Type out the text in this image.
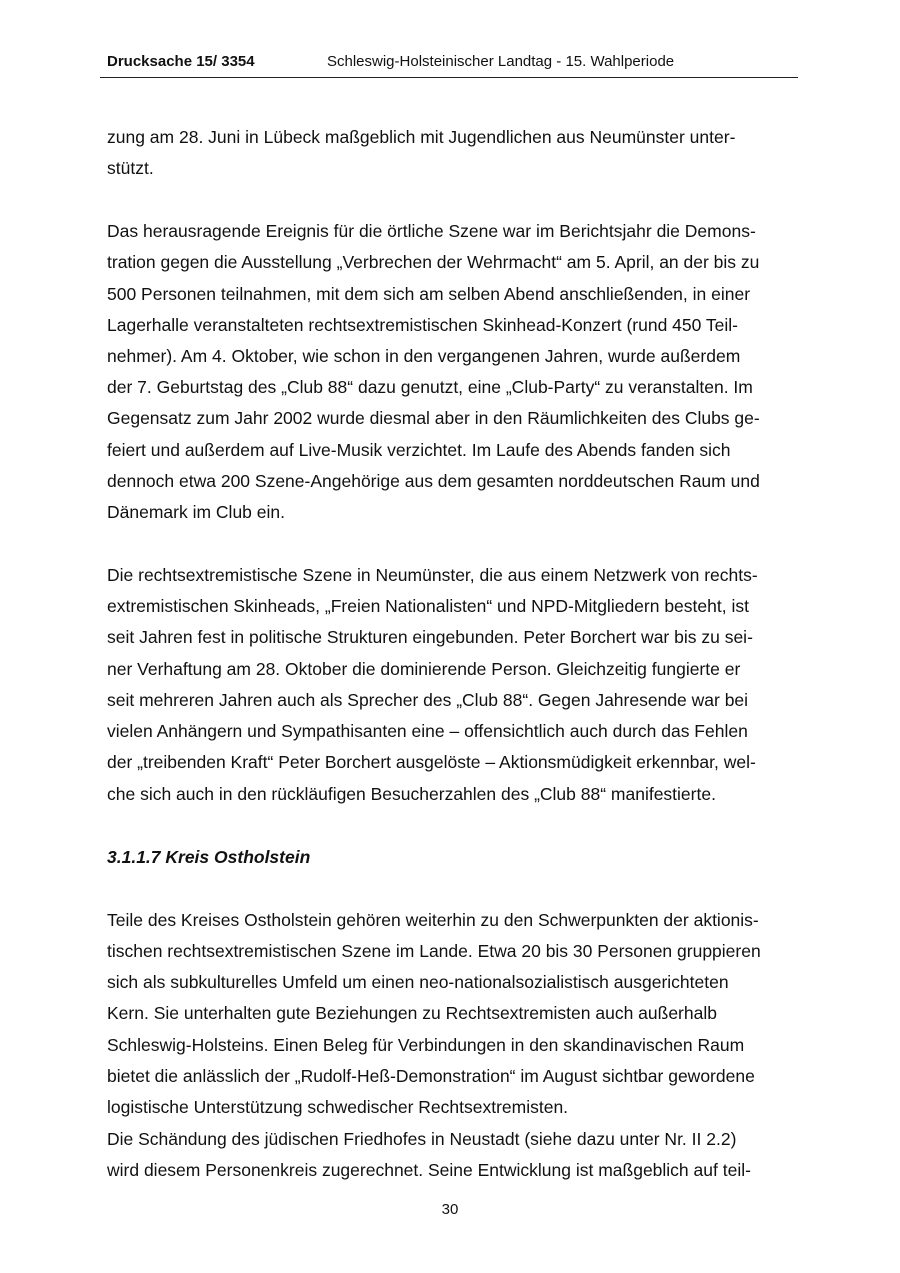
Drucksache 15/ 3354	Schleswig-Holsteinischer Landtag - 15. Wahlperiode
zung am 28. Juni in Lübeck maßgeblich mit Jugendlichen aus Neumünster unter-
stützt.
Das herausragende Ereignis für die örtliche Szene war im Berichtsjahr die Demons-
tration gegen die Ausstellung „Verbrechen der Wehrmacht“ am 5. April, an der bis zu
500 Personen teilnahmen, mit dem sich am selben Abend anschließenden, in einer
Lagerhalle veranstalteten rechtsextremistischen Skinhead-Konzert (rund 450 Teil-
nehmer). Am 4. Oktober, wie schon in den vergangenen Jahren, wurde außerdem
der 7. Geburtstag des „Club 88“ dazu genutzt, eine „Club-Party“ zu veranstalten. Im
Gegensatz zum Jahr 2002 wurde diesmal aber in den Räumlichkeiten des Clubs ge-
feiert und außerdem auf Live-Musik verzichtet. Im Laufe des Abends fanden sich
dennoch etwa 200 Szene-Angehörige aus dem gesamten norddeutschen Raum und
Dänemark im Club ein.
Die rechtsextremistische Szene in Neumünster, die aus einem Netzwerk von rechts-
extremistischen Skinheads, „Freien Nationalisten“ und NPD-Mitgliedern besteht, ist
seit Jahren fest in politische Strukturen eingebunden. Peter Borchert war bis zu sei-
ner Verhaftung am 28. Oktober die dominierende Person. Gleichzeitig fungierte er
seit mehreren Jahren auch als Sprecher des „Club 88“. Gegen Jahresende war bei
vielen Anhängern und Sympathisanten eine – offensichtlich auch durch das Fehlen
der „treibenden Kraft“ Peter Borchert ausgelöste – Aktionsmüdigkeit erkennbar, wel-
che sich auch in den rückläufigen Besucherzahlen des „Club 88“ manifestierte.
3.1.1.7 Kreis Ostholstein
Teile des Kreises Ostholstein gehören weiterhin zu den Schwerpunkten der aktionis-
tischen rechtsextremistischen Szene im Lande. Etwa 20 bis 30 Personen gruppieren
sich als subkulturelles Umfeld um einen neo-nationalsozialistisch ausgerichteten
Kern. Sie unterhalten gute Beziehungen zu Rechtsextremisten auch außerhalb
Schleswig-Holsteins. Einen Beleg für Verbindungen in den skandinavischen Raum
bietet die anlässlich der „Rudolf-Heß-Demonstration“ im August sichtbar gewordene
logistische Unterstützung schwedischer Rechtsextremisten.
Die Schändung des jüdischen Friedhofes in Neustadt (siehe dazu unter Nr. II 2.2)
wird diesem Personenkreis zugerechnet. Seine Entwicklung ist maßgeblich auf teil-
30
